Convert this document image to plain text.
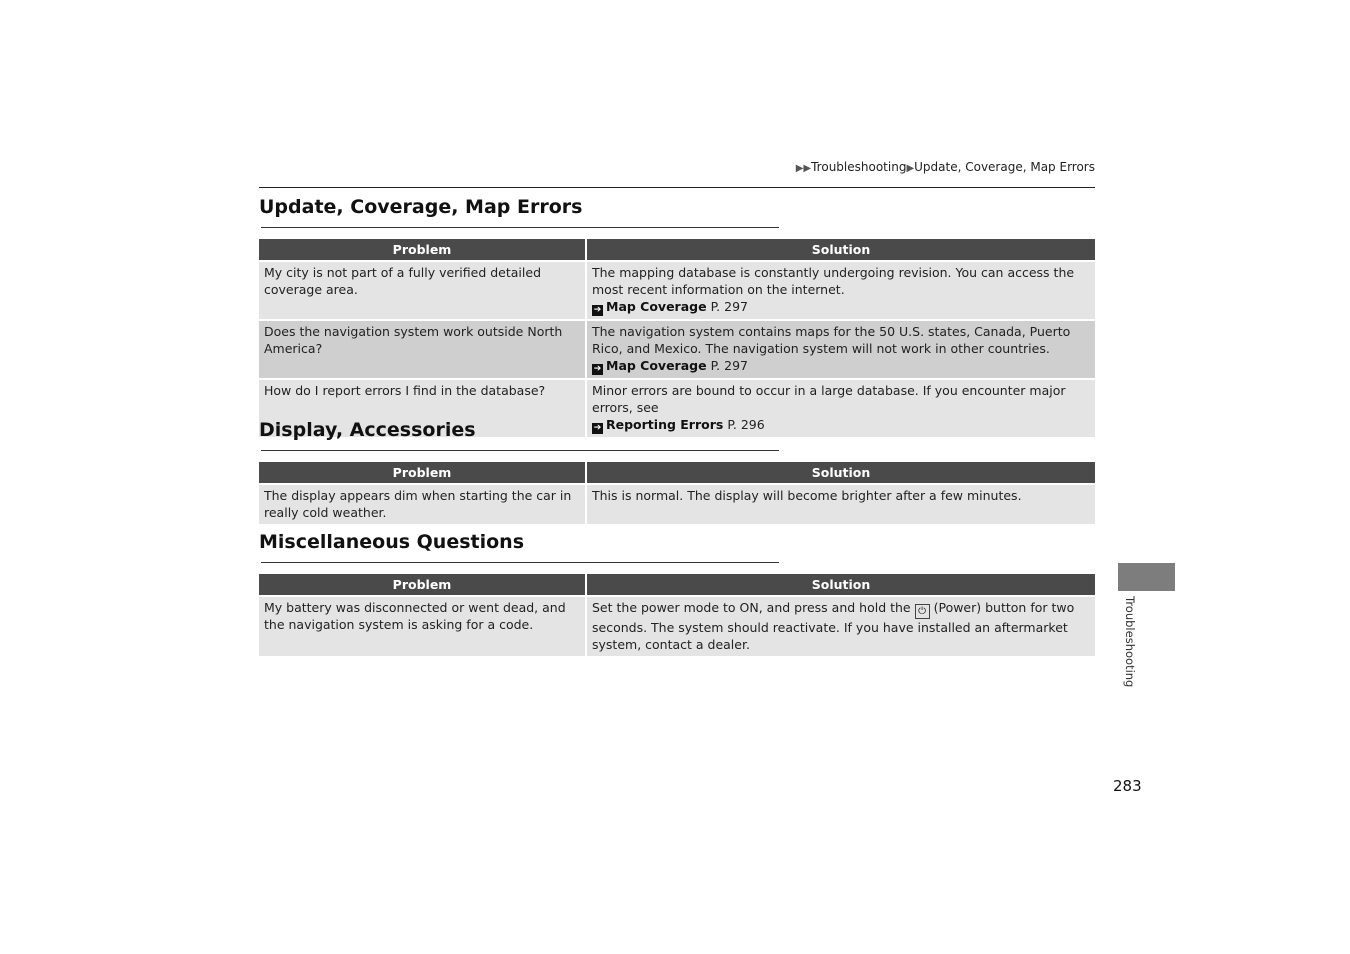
▶▶Troubleshooting▶Update, Coverage, Map Errors
Update, Coverage, Map Errors
Problem	Solution
My city is not part of a fully verified detailed coverage area.	The mapping database is constantly undergoing revision. You can access the most recent information on the internet.
➔ Map Coverage P. 297

Does the navigation system work outside North America?	The navigation system contains maps for the 50 U.S. states, Canada, Puerto Rico, and Mexico. The navigation system will not work in other countries.
➔ Map Coverage P. 297

How do I report errors I find in the database?	Minor errors are bound to occur in a large database. If you encounter major errors, see
➔ Reporting Errors P. 296
Display, Accessories
Problem	Solution
The display appears dim when starting the car in really cold weather.	This is normal. The display will become brighter after a few minutes.
Miscellaneous Questions
Problem	Solution
My battery was disconnected or went dead, and the navigation system is asking for a code.	Set the power mode to ON, and press and hold the ⏻ (Power) button for two seconds. The system should reactivate. If you have installed an aftermarket system, contact a dealer.	Troubleshooting
283
